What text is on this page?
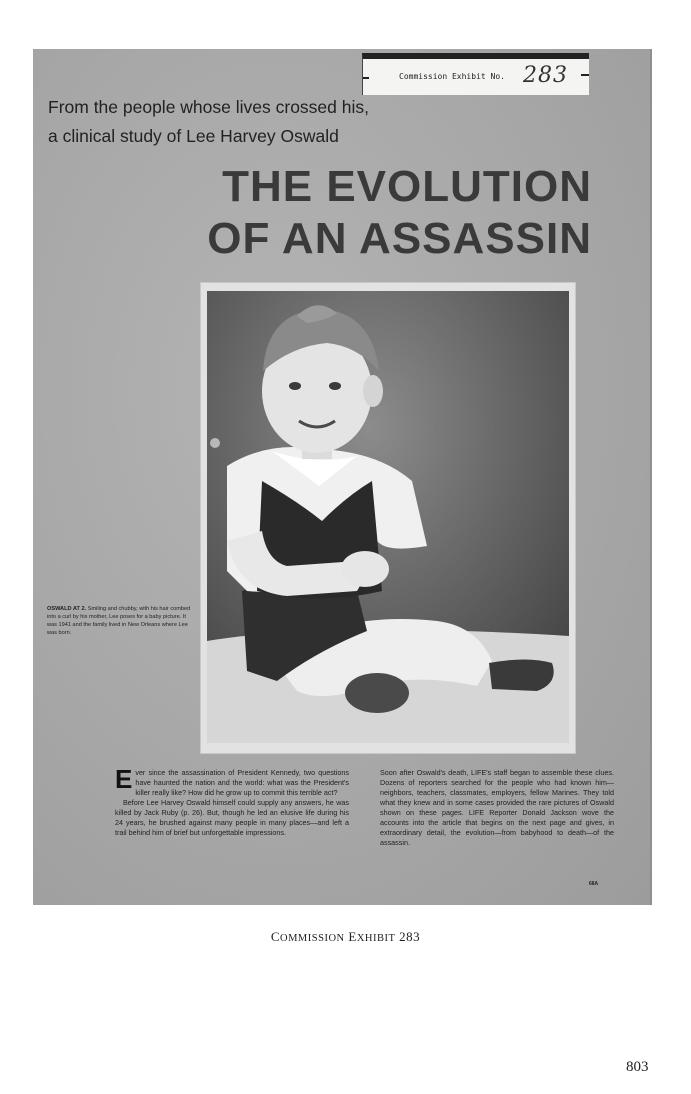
Commission Exhibit No. 283

From the people whose lives crossed his,
a clinical study of Lee Harvey Oswald

THE EVOLUTION
OF AN ASSASSIN

OSWALD AT 2. Smiling and chubby, with his hair combed into a curl by his mother, Lee poses for a baby picture. It was 1941 and the family lived in New Orleans where Lee was born.

Ever since the assassination of President Kennedy, two questions have haunted the nation and the world: what was the President's killer really like? How did he grow up to commit this terrible act?

Before Lee Harvey Oswald himself could supply any answers, he was killed by Jack Ruby (p. 26). But, though he led an elusive life during his 24 years, he brushed against many people in many places—and left a trail behind him of brief but unforgettable impressions.

Soon after Oswald's death, LIFE's staff began to assemble these clues. Dozens of reporters searched for the people who had known him—neighbors, teachers, classmates, employers, fellow Marines. They told what they knew and in some cases provided the rare pictures of Oswald shown on these pages. LIFE Reporter Donald Jackson wove the accounts into the article that begins on the next page and gives, in extraordinary detail, the evolution—from babyhood to death—of the assassin.

68A

COMMISSION EXHIBIT 283

803
